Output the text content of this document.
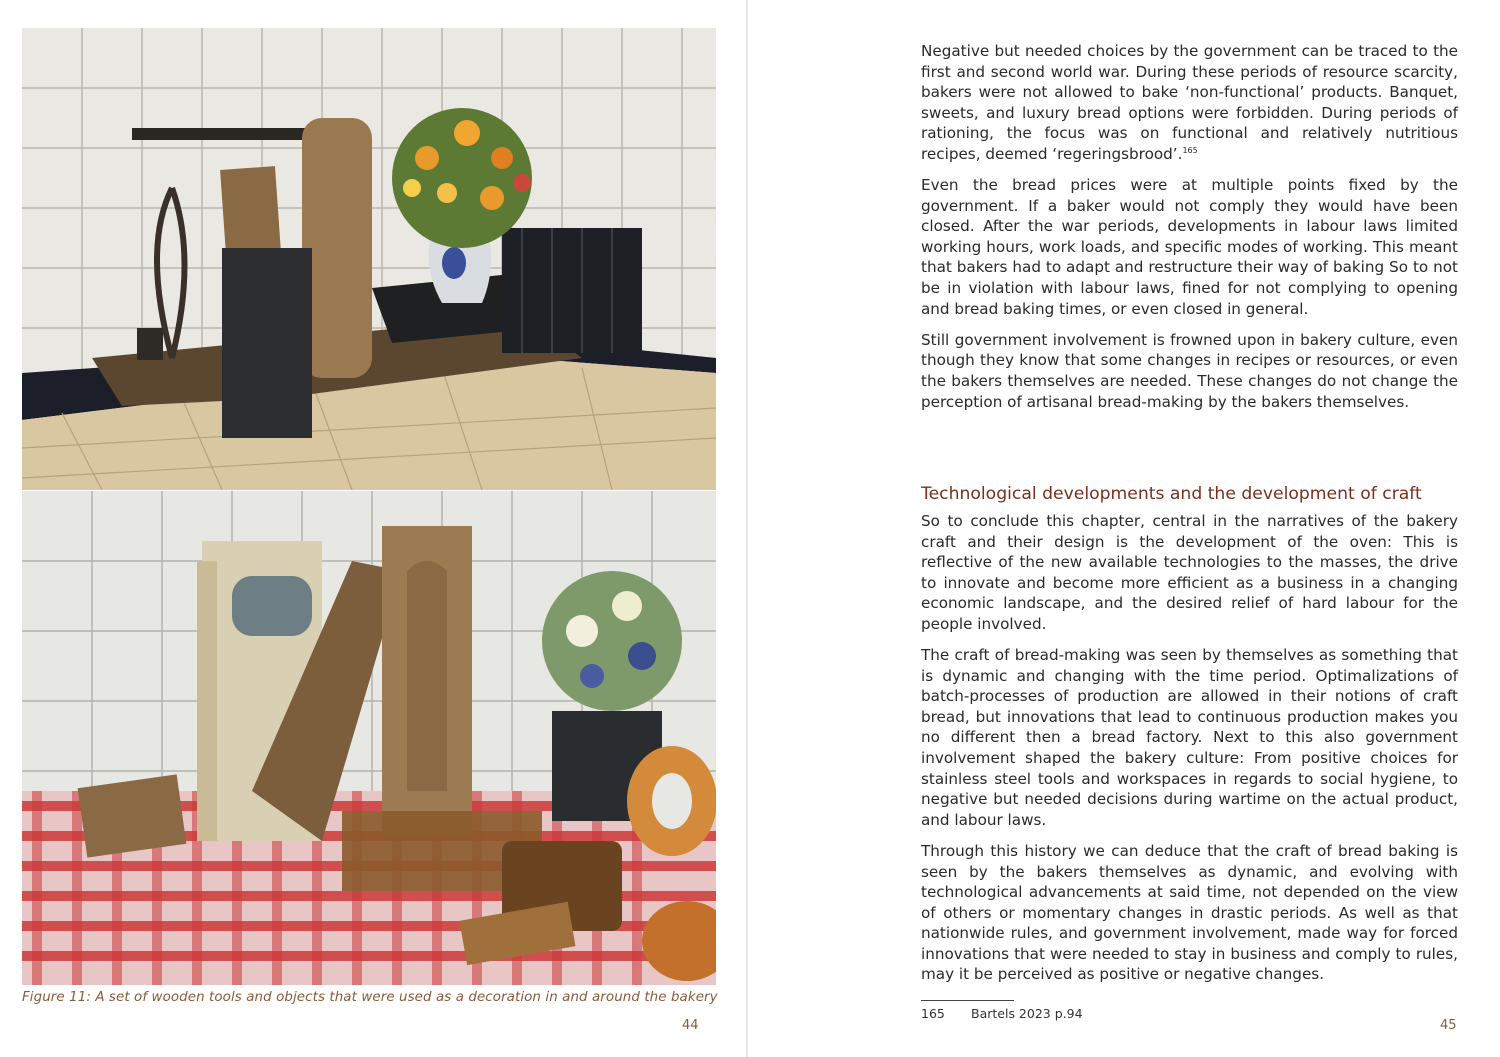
Figure 11: A set of wooden tools and objects that were used as a decoration in and around the bakery
44

Negative but needed choices by the government can be traced to the first and second world war. During these periods of resource scarcity, bakers were not allowed to bake ‘non-functional’ products. Banquet, sweets, and luxury bread options were forbidden. During periods of rationing, the focus was on functional and relatively nutritious recipes, deemed ‘regeringsbrood’.$^{165}$

Even the bread prices were at multiple points fixed by the government. If a baker would not comply they would have been closed. After the war periods, developments in labour laws limited working hours, work loads, and specific modes of working. This meant that bakers had to adapt and restructure their way of baking So to not be in violation with labour laws, fined for not complying to opening and bread baking times, or even closed in general.

Still government involvement is frowned upon in bakery culture, even though they know that some changes in recipes or resources, or even the bakers themselves are needed. These changes do not change the perception of artisanal bread-making by the bakers themselves.

Technological developments and the development of craft

So to conclude this chapter, central in the narratives of the bakery craft and their design is the development of the oven: This is reflective of the new available technologies to the masses, the drive to innovate and become more efficient as a business in a changing economic landscape, and the desired relief of hard labour for the people involved.

The craft of bread-making was seen by themselves as something that is dynamic and changing with the time period. Optimalizations of batch-processes of production are allowed in their notions of craft bread, but innovations that lead to continuous production makes you no different then a bread factory. Next to this also government involvement shaped the bakery culture: From positive choices for stainless steel tools and workspaces in regards to social hygiene, to negative but needed decisions during wartime on the actual product, and labour laws.

Through this history we can deduce that the craft of bread baking is seen by the bakers themselves as dynamic, and evolving with technological advancements at said time, not depended on the view of others or momentary changes in drastic periods. As well as that nationwide rules, and government involvement, made way for forced innovations that were needed to stay in business and comply to rules, may it be perceived as positive or negative changes.

165 Bartels 2023 p.94
45
